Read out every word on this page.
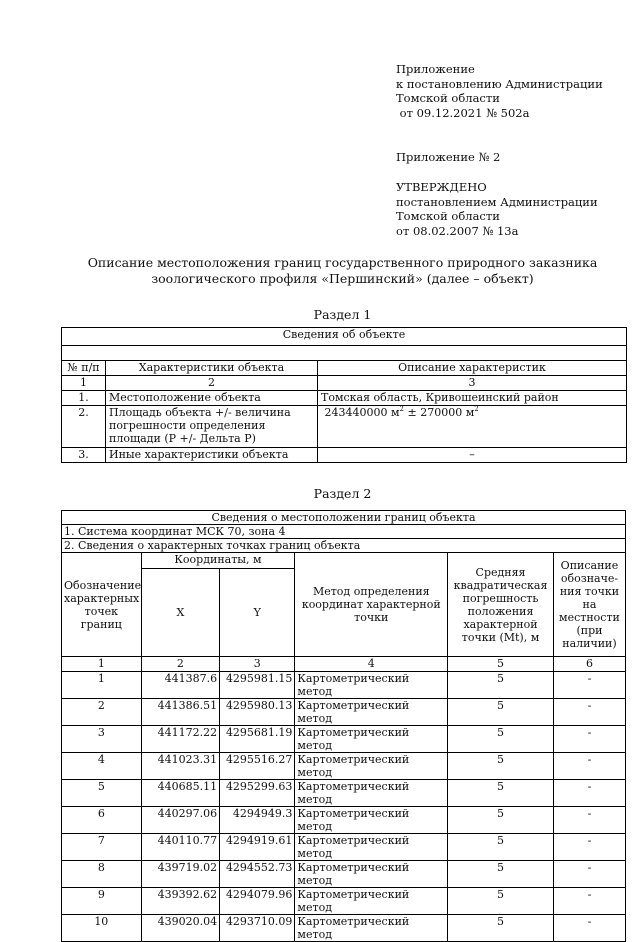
Приложение
к постановлению Администрации
Томской области
от 09.12.2021 № 502а
Приложение № 2
УТВЕРЖДЕНО
постановлением Администрации
Томской области
от 08.02.2007 № 13а
Описание местоположения границ государственного природного заказника
зоологического профиля «Першинский» (далее – объект)
Раздел 1
Сведения об объекте		

№ п/п	Характеристики объекта	Описание характеристик
1	2	3
1.	Местоположение объекта	Томская область, Кривошеинский район
2.	Площадь объекта +/- величина погрешности определения площади (P +/- Дельта P)	243440000 $м^2 \pm 270000$ $м^2$
3.	Иные характеристики объекта	–
Раздел 2
Сведения о местоположении границ объекта					
1. Система координат МСК 70, зона 4					
2. Сведения о характерных точках границ объекта					
Обозначение характерных точек границ	Координаты, м		Метод определения координат характерной точки	Средняя квадратическая погрешность положения характерной точки (Mt), м	Описание обозначе-ния точки на местности (при наличии)
	X	Y			
1	2	3	4	5	6
1	441387.6	4295981.15	Картометрический метод	5	-
2	441386.51	4295980.13	Картометрический метод	5	-
3	441172.22	4295681.19	Картометрический метод	5	-
4	441023.31	4295516.27	Картометрический метод	5	-
5	440685.11	4295299.63	Картометрический метод	5	-
6	440297.06	4294949.3	Картометрический метод	5	-
7	440110.77	4294919.61	Картометрический метод	5	-
8	439719.02	4294552.73	Картометрический метод	5	-
9	439392.62	4294079.96	Картометрический метод	5	-
10	439020.04	4293710.09	Картометрический метод	5	-
